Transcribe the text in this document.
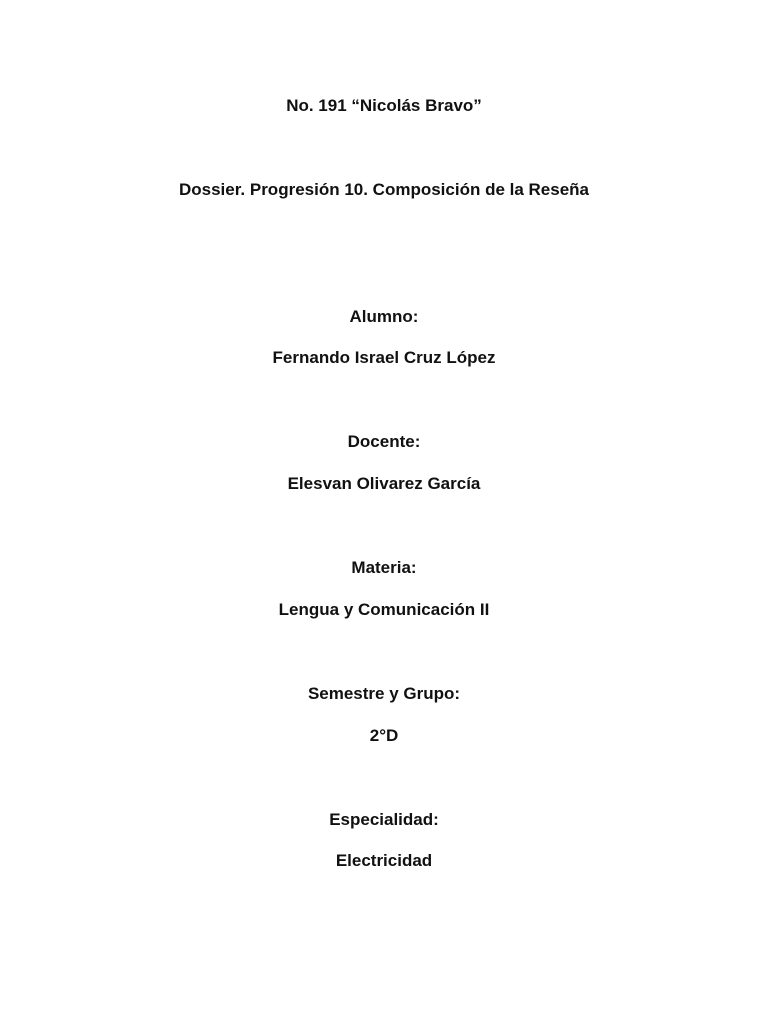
No. 191 “Nicolás Bravo”
Dossier. Progresión 10. Composición de la Reseña
Alumno:
Fernando Israel Cruz López
Docente:
Elesvan Olivarez García
Materia:
Lengua y Comunicación II
Semestre y Grupo:
2°D
Especialidad:
Electricidad
